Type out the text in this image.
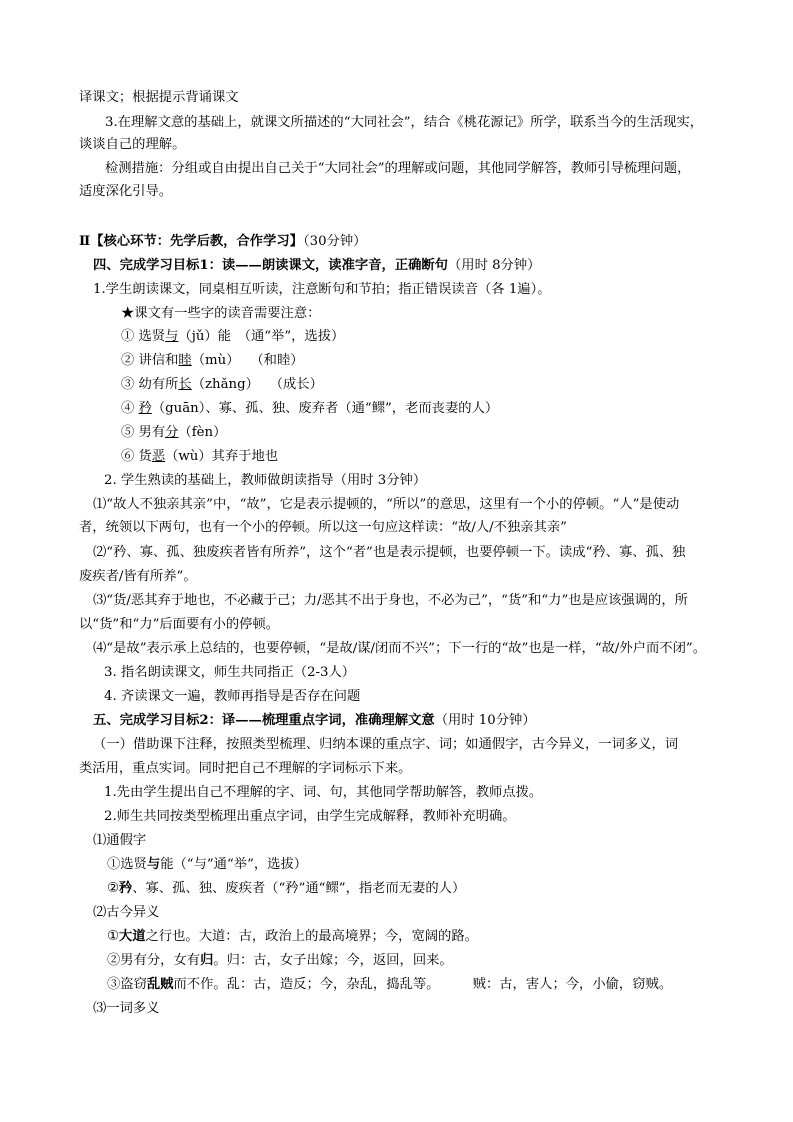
译课文；根据提示背诵课文
3.在理解文意的基础上，就课文所描述的“大同社会”，结合《桃花源记》所学，联系当今的生活现实，
谈谈自己的理解。
检测措施：分组或自由提出自己关于“大同社会”的理解或问题，其他同学解答，教师引导梳理问题，
适度深化引导。
Ⅱ【核心环节：先学后教，合作学习】（30分钟）
四、完成学习目标1：读——朗读课文，读准字音，正确断句（用时 8分钟）
1.学生朗读课文，同桌相互听读，注意断句和节拍；指正错误读音（各 1遍）。
★课文有一些字的读音需要注意：
① 选贤与（jǔ）能　（通“举”，选拔）
② 讲信和睦（mù）　 （和睦）
③ 幼有所长（zhǎng）　 （成长）
④ 矜（guān）、寡、孤、独、废弃者（通“鳏”，老而丧妻的人）
⑤ 男有分（fèn）
⑥ 货恶（wù）其弃于地也
2. 学生熟读的基础上，教师做朗读指导（用时 3分钟）
⑴“故人不独亲其亲”中，“故”，它是表示提顿的，“所以”的意思，这里有一个小的停顿。“人”是使动
者，统领以下两句，也有一个小的停顿。所以这一句应这样读：“故/人/不独亲其亲”
⑵“矜、寡、孤、独废疾者皆有所养”，这个“者”也是表示提顿，也要停顿一下。读成“矜、寡、孤、独
废疾者/皆有所养”。
⑶“货/恶其弃于地也，不必藏于己；力/恶其不出于身也，不必为己”，“货”和“力”也是应该强调的，所
以“货”和“力”后面要有小的停顿。
⑷“是故”表示承上总结的，也要停顿，“是故/谋/闭而不兴”；下一行的“故”也是一样，“故/外户而不闭”。
3. 指名朗读课文，师生共同指正（2-3人）
4. 齐读课文一遍，教师再指导是否存在问题
五、完成学习目标2：译——梳理重点字词，准确理解文意（用时 10分钟）
（一）借助课下注释，按照类型梳理、归纳本课的重点字、词；如通假字，古今异义，一词多义，词
类活用，重点实词。同时把自己不理解的字词标示下来。
1.先由学生提出自己不理解的字、词、句，其他同学帮助解答，教师点拨。
2.师生共同按类型梳理出重点字词，由学生完成解释，教师补充明确。
⑴通假字
①选贤与能（“与”通“举”，选拔）
②矜、寡、孤、独、废疾者（“矜”通“鳏”，指老而无妻的人）
⑵古今异义
①大道之行也。大道：古，政治上的最高境界；今，宽阔的路。
②男有分，女有归。归：古，女子出嫁；今，返回，回来。
③盗窃乱贼而不作。乱：古，造反；今，杂乱，捣乱等。　　　贼：古，害人；今，小偷，窃贼。
⑶一词多义
